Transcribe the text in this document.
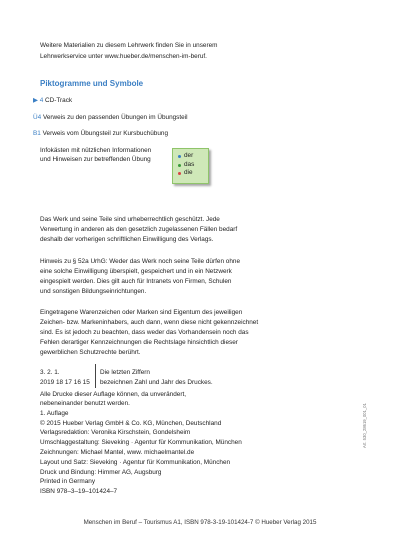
Weitere Materialien zu diesem Lehrwerk finden Sie in unserem
Lehrwerkservice unter www.hueber.de/menschen-im-beruf.
Piktogramme und Symbole
▶ 4 CD-Track
Ü4 Verweis zu den passenden Übungen im Übungsteil
B1 Verweis vom Übungsteil zur Kursbuchübung
Infokästen mit nützlichen Informationen
und Hinweisen zur betreffenden Übung
der
das
die
Das Werk und seine Teile sind urheberrechtlich geschützt. Jede
Verwertung in anderen als den gesetzlich zugelassenen Fällen bedarf
deshalb der vorherigen schriftlichen Einwilligung des Verlags.
Hinweis zu § 52a UrhG: Weder das Werk noch seine Teile dürfen ohne
eine solche Einwilligung überspielt, gespeichert und in ein Netzwerk
eingespielt werden. Dies gilt auch für Intranets von Firmen, Schulen
und sonstigen Bildungseinrichtungen.
Eingetragene Warenzeichen oder Marken sind Eigentum des jeweiligen
Zeichen- bzw. Markeninhabers, auch dann, wenn diese nicht gekennzeichnet
sind. Es ist jedoch zu beachten, dass weder das Vorhandensein noch das
Fehlen derartiger Kennzeichnungen die Rechtslage hinsichtlich dieser
gewerblichen Schutzrechte berührt.
3. 2. 1.
2019 18 17 16 15
Die letzten Ziffern
bezeichnen Zahl und Jahr des Druckes.
Alle Drucke dieser Auflage können, da unverändert,
nebeneinander benutzt werden.
1. Auflage
© 2015 Hueber Verlag GmbH & Co. KG, München, Deutschland
Verlagsredaktion: Veronika Kirschstein, Gondelsheim
Umschlaggestaltung: Sieveking · Agentur für Kommunikation, München
Zeichnungen: Michael Mantel, www. michaelmantel.de
Layout und Satz: Sieveking · Agentur für Kommunikation, München
Druck und Bindung: Himmer AG, Augsburg
Printed in Germany
ISBN 978–3–19–101424–7
Art. 530_28619_001_01
Menschen im Beruf – Tourismus A1, ISBN 978-3-19-101424-7 © Hueber Verlag 2015
